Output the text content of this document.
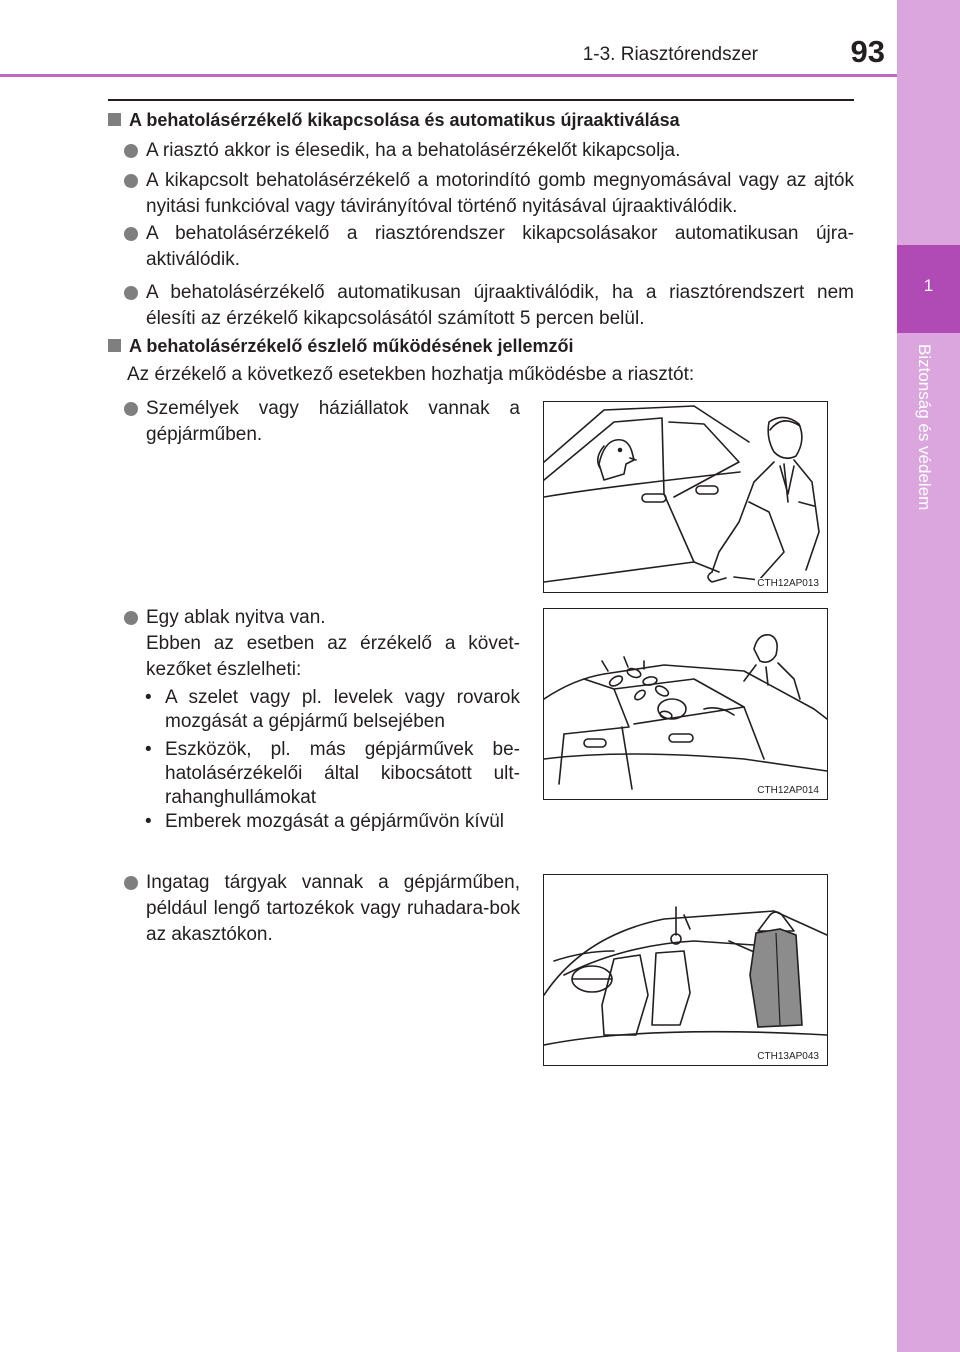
1-3. Riasztórendszer	93
1
Biztonság és védelem
A behatolásérzékelő kikapcsolása és automatikus újraaktiválása
A riasztó akkor is élesedik, ha a behatolásérzékelőt kikapcsolja.
A kikapcsolt behatolásérzékelő a motorindító gomb megnyomásával vagy az ajtók nyitási funkcióval vagy távirányítóval történő nyitásával újraaktiválódik.
A behatolásérzékelő a riasztórendszer kikapcsolásakor automatikusan újra-aktiválódik.
A behatolásérzékelő automatikusan újraaktiválódik, ha a riasztórendszert nem élesíti az érzékelő kikapcsolásától számított 5 percen belül.
A behatolásérzékelő észlelő működésének jellemzői
Az érzékelő a következő esetekben hozhatja működésbe a riasztót:
Személyek vagy háziállatok vannak a gépjárműben.
CTH12AP013
Egy ablak nyitva van.
Ebben az esetben az érzékelő a követ-kezőket észlelheti:
CTH12AP014
• A szelet vagy pl. levelek vagy rovarok mozgását a gépjármű belsejében
• Eszközök, pl. más gépjárművek be-hatolásérzékelői által kibocsátott ult-rahanghullámokat
• Emberek mozgását a gépjárművön kívül
Ingatag tárgyak vannak a gépjárműben, például lengő tartozékok vagy ruhadara-bok az akasztókon.
CTH13AP043
